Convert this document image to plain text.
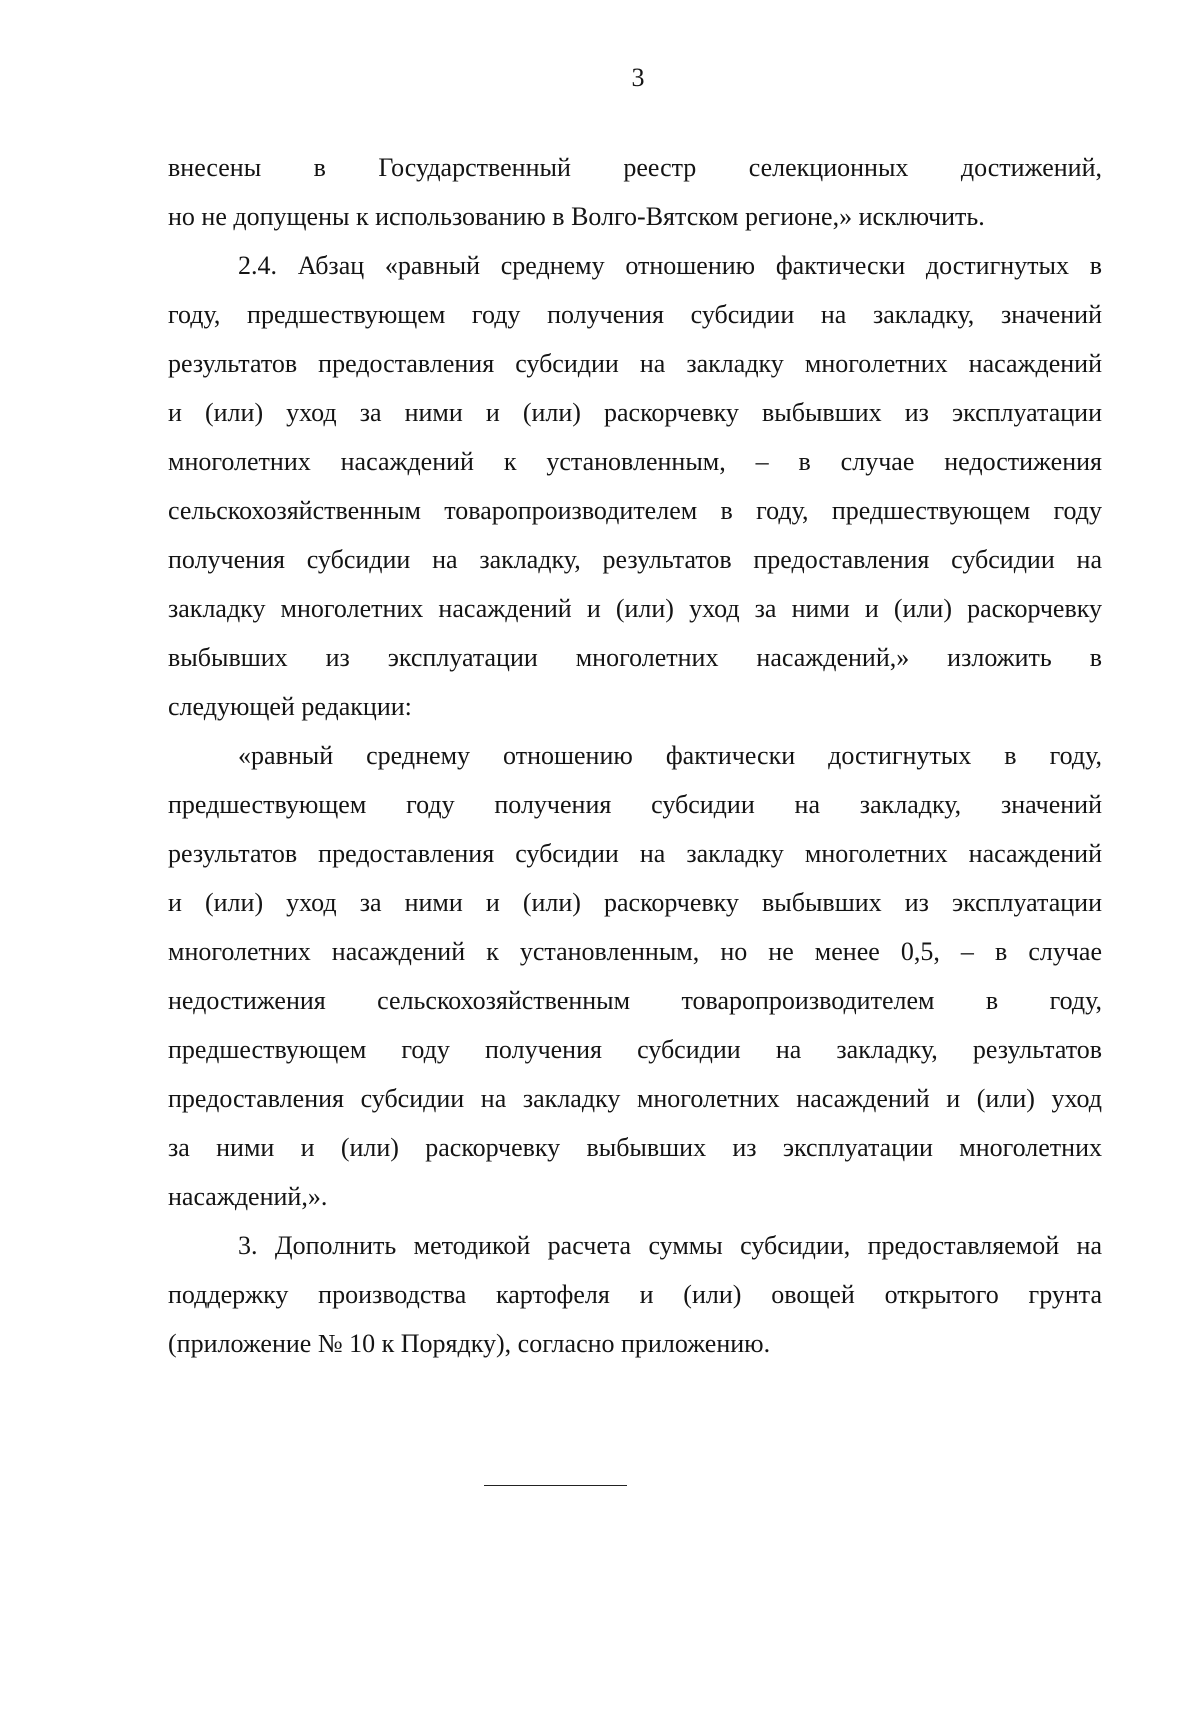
3

внесены в Государственный реестр селекционных достижений,
но не допущены к использованию в Волго-Вятском регионе,» исключить.

2.4. Абзац «равный среднему отношению фактически достигнутых в
году, предшествующем году получения субсидии на закладку, значений
результатов предоставления субсидии на закладку многолетних насаждений
и (или) уход за ними и (или) раскорчевку выбывших из эксплуатации
многолетних насаждений к установленным, – в случае недостижения
сельскохозяйственным товаропроизводителем в году, предшествующем году
получения субсидии на закладку, результатов предоставления субсидии на
закладку многолетних насаждений и (или) уход за ними и (или) раскорчевку
выбывших из эксплуатации многолетних насаждений,» изложить в
следующей редакции:

«равный среднему отношению фактически достигнутых в году,
предшествующем году получения субсидии на закладку, значений
результатов предоставления субсидии на закладку многолетних насаждений
и (или) уход за ними и (или) раскорчевку выбывших из эксплуатации
многолетних насаждений к установленным, но не менее 0,5, – в случае
недостижения сельскохозяйственным товаропроизводителем в году,
предшествующем году получения субсидии на закладку, результатов
предоставления субсидии на закладку многолетних насаждений и (или) уход
за ними и (или) раскорчевку выбывших из эксплуатации многолетних
насаждений,».

3. Дополнить методикой расчета суммы субсидии, предоставляемой на
поддержку производства картофеля и (или) овощей открытого грунта
(приложение № 10 к Порядку), согласно приложению.
